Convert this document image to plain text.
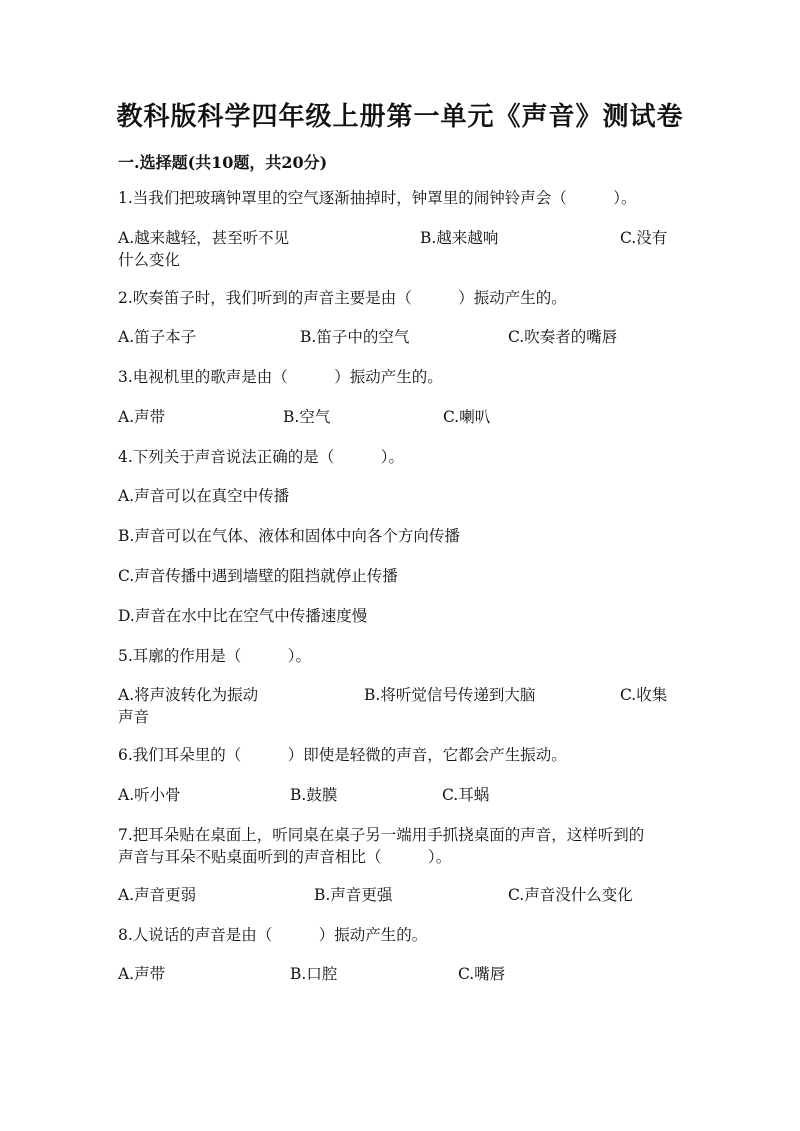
教科版科学四年级上册第一单元《声音》测试卷
一.选择题(共10题，共20分)
1.当我们把玻璃钟罩里的空气逐渐抽掉时，钟罩里的闹钟铃声会（　　　）。
A.越来越轻，甚至听不见	B.越来越响	C.没有
什么变化
2.吹奏笛子时，我们听到的声音主要是由（　　　）振动产生的。
A.笛子本子	B.笛子中的空气	C.吹奏者的嘴唇
3.电视机里的歌声是由（　　　）振动产生的。
A.声带	B.空气	C.喇叭
4.下列关于声音说法正确的是（　　　）。
A.声音可以在真空中传播
B.声音可以在气体、液体和固体中向各个方向传播
C.声音传播中遇到墙壁的阻挡就停止传播
D.声音在水中比在空气中传播速度慢
5.耳廓的作用是（　　　）。
A.将声波转化为振动	B.将听觉信号传递到大脑	C.收集
声音
6.我们耳朵里的（　　　）即使是轻微的声音，它都会产生振动。
A.听小骨	B.鼓膜	C.耳蜗
7.把耳朵贴在桌面上，听同桌在桌子另一端用手抓挠桌面的声音，这样听到的
声音与耳朵不贴桌面听到的声音相比（　　　）。
A.声音更弱	B.声音更强	C.声音没什么变化
8.人说话的声音是由（　　　）振动产生的。
A.声带	B.口腔	C.嘴唇
